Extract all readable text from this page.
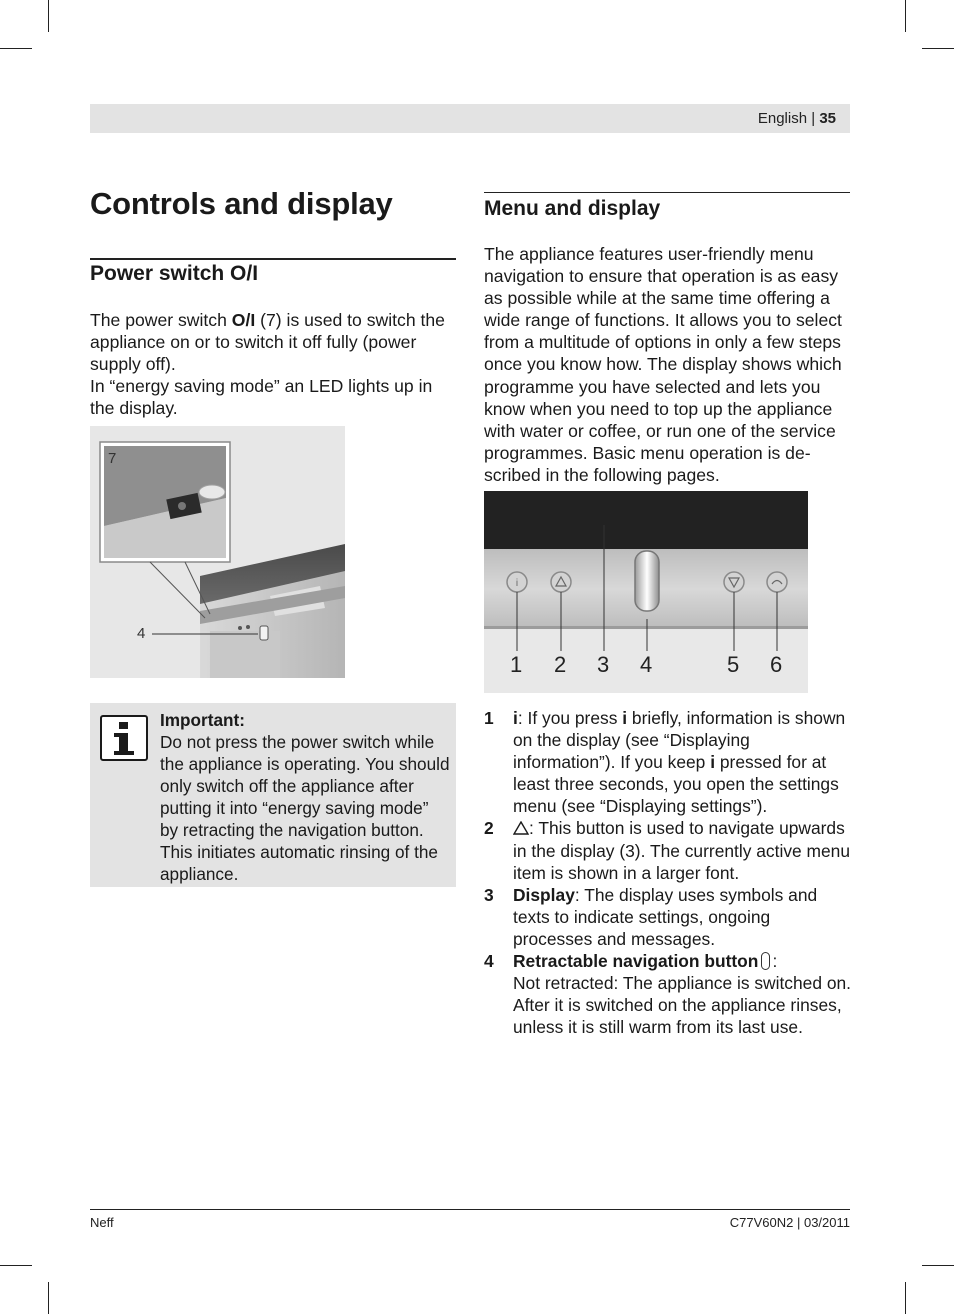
English | 35
Controls and display
Power switch O/I
The power switch O/I (7) is used to switch the appliance on or to switch it off fully (power supply off).
In “energy saving mode” an LED lights up in the display.
7
4
Important:
Do not press the power switch while the appliance is operating. You should only switch off the appliance after putting it into “energy saving mode” by retracting the navigation button. This initiates automatic rinsing of the appliance.
Menu and display
The appliance features user-friendly menu navigation to ensure that operation is as easy as possible while at the same time offering a wide range of functions. It allows you to select from a multitude of options in only a few steps once you know how. The display shows which programme you have selected and lets you know when you need to top up the appliance with water or coffee, or run one of the service programmes. Basic menu operation is described in the following pages.
i
1 2 3 4	5 6
1 i: If you press i briefly, information is shown on the display (see “Displaying information”). If you keep i pressed for at least three seconds, you open the settings menu (see “Displaying settings”).
2 : This button is used to navigate upwards in the display (3). The currently active menu item is shown in a larger font.
3 Display: The display uses symbols and texts to indicate settings, ongoing processes and messages.
4 Retractable navigation button :
Not retracted: The appliance is switched on. After it is switched on the appliance rinses, unless it is still warm from its last use.
Neff	C77V60N2 | 03/2011
